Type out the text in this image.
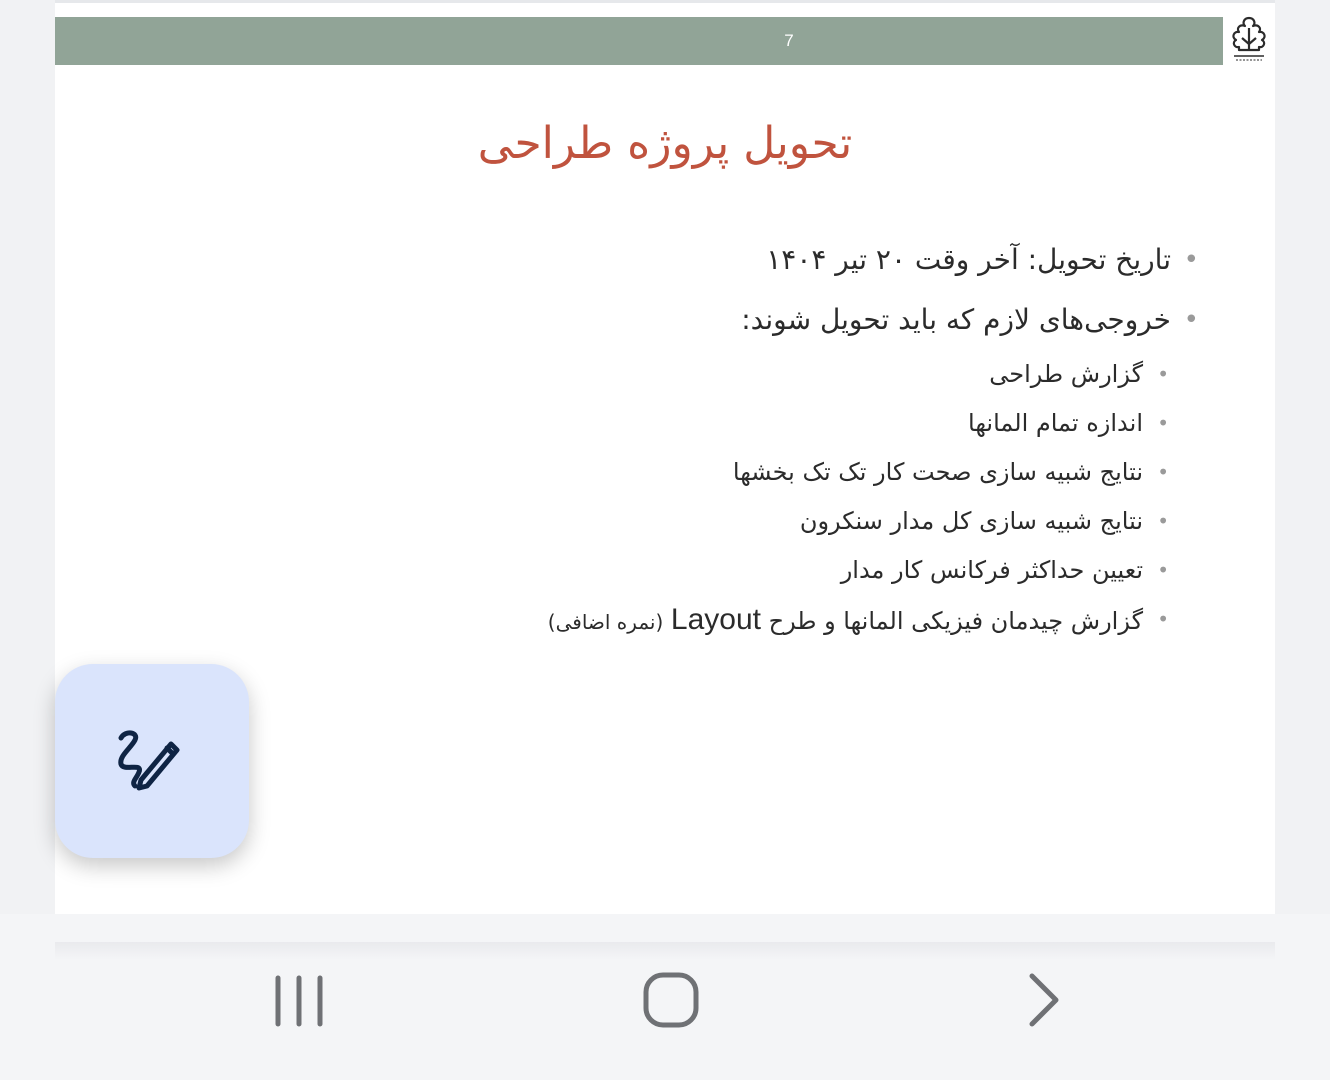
7
تحویل پروژه طراحی
•
تاریخ تحویل: آخر وقت ۲۰ تیر ۱۴۰۴
•
خروجی‌های لازم که باید تحویل شوند:
•
گزارش طراحی
•
اندازه تمام المانها
•
نتایج شبیه سازی صحت کار تک تک بخشها
•
نتایج شبیه سازی کل مدار سنکرون
•
تعیین حداکثر فرکانس کار مدار
•
گزارش چیدمان فیزیکی المانها و طرح Layout (نمره اضافی)
